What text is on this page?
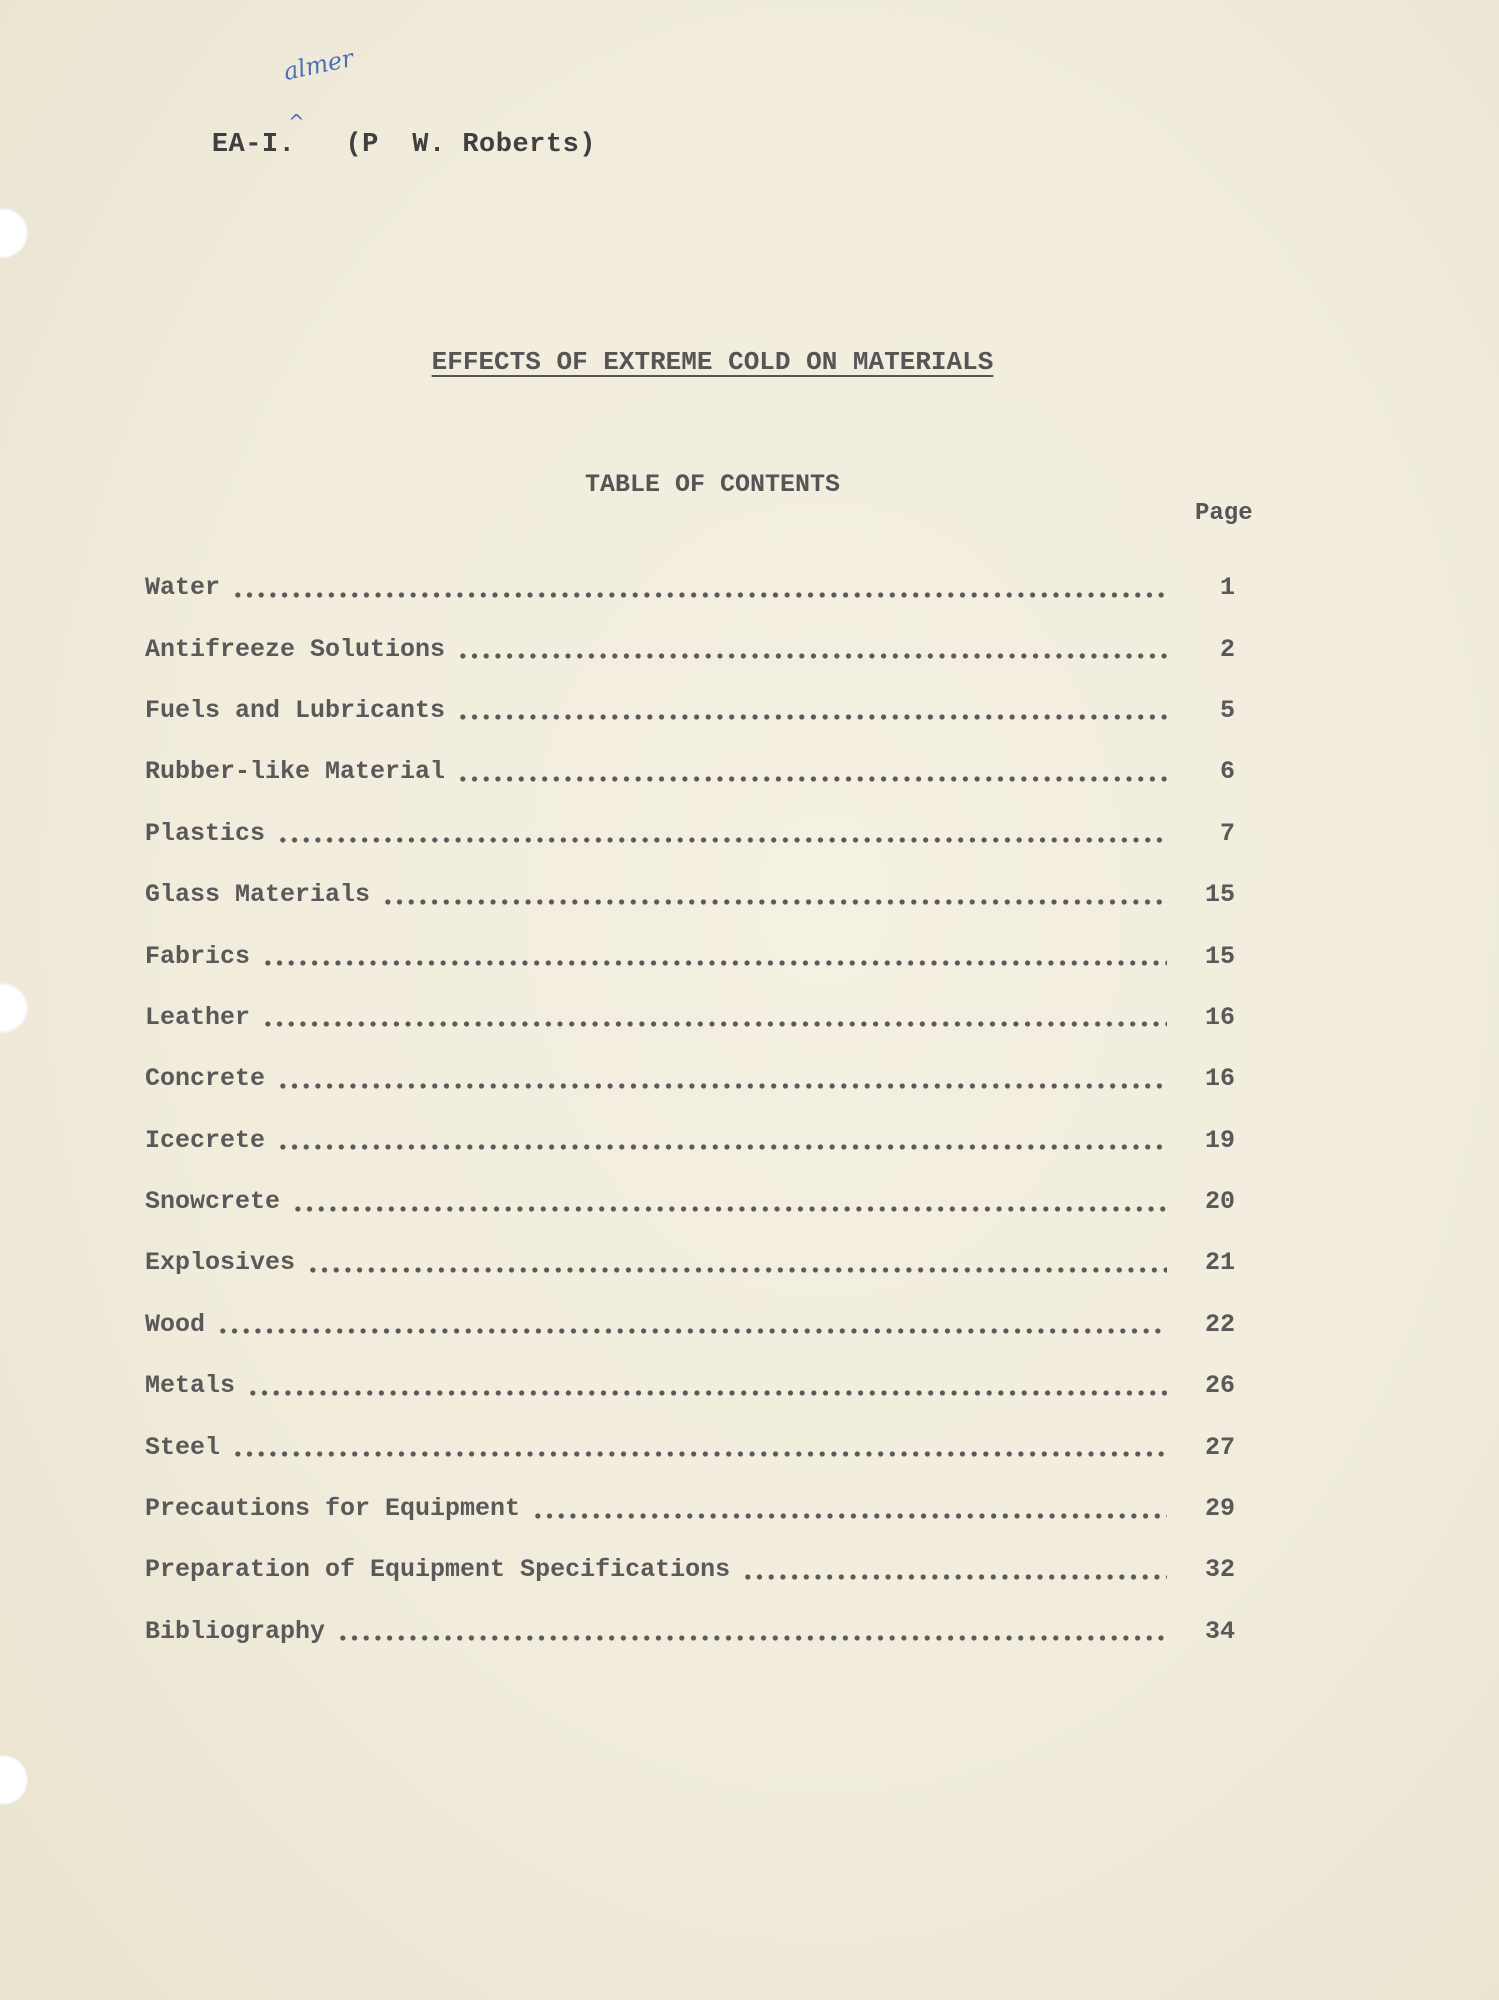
EA-I. (P  W. Roberts)

almer
^
EFFECTS OF EXTREME COLD ON MATERIALS
TABLE OF CONTENTS
Page
Water	1
Antifreeze Solutions	2
Fuels and Lubricants	5
Rubber-like Material	6
Plastics	7
Glass Materials	15
Fabrics	15
Leather	16
Concrete	16
Icecrete	19
Snowcrete	20
Explosives	21
Wood	22
Metals	26
Steel	27
Precautions for Equipment	29
Preparation of Equipment Specifications	32
Bibliography	34
